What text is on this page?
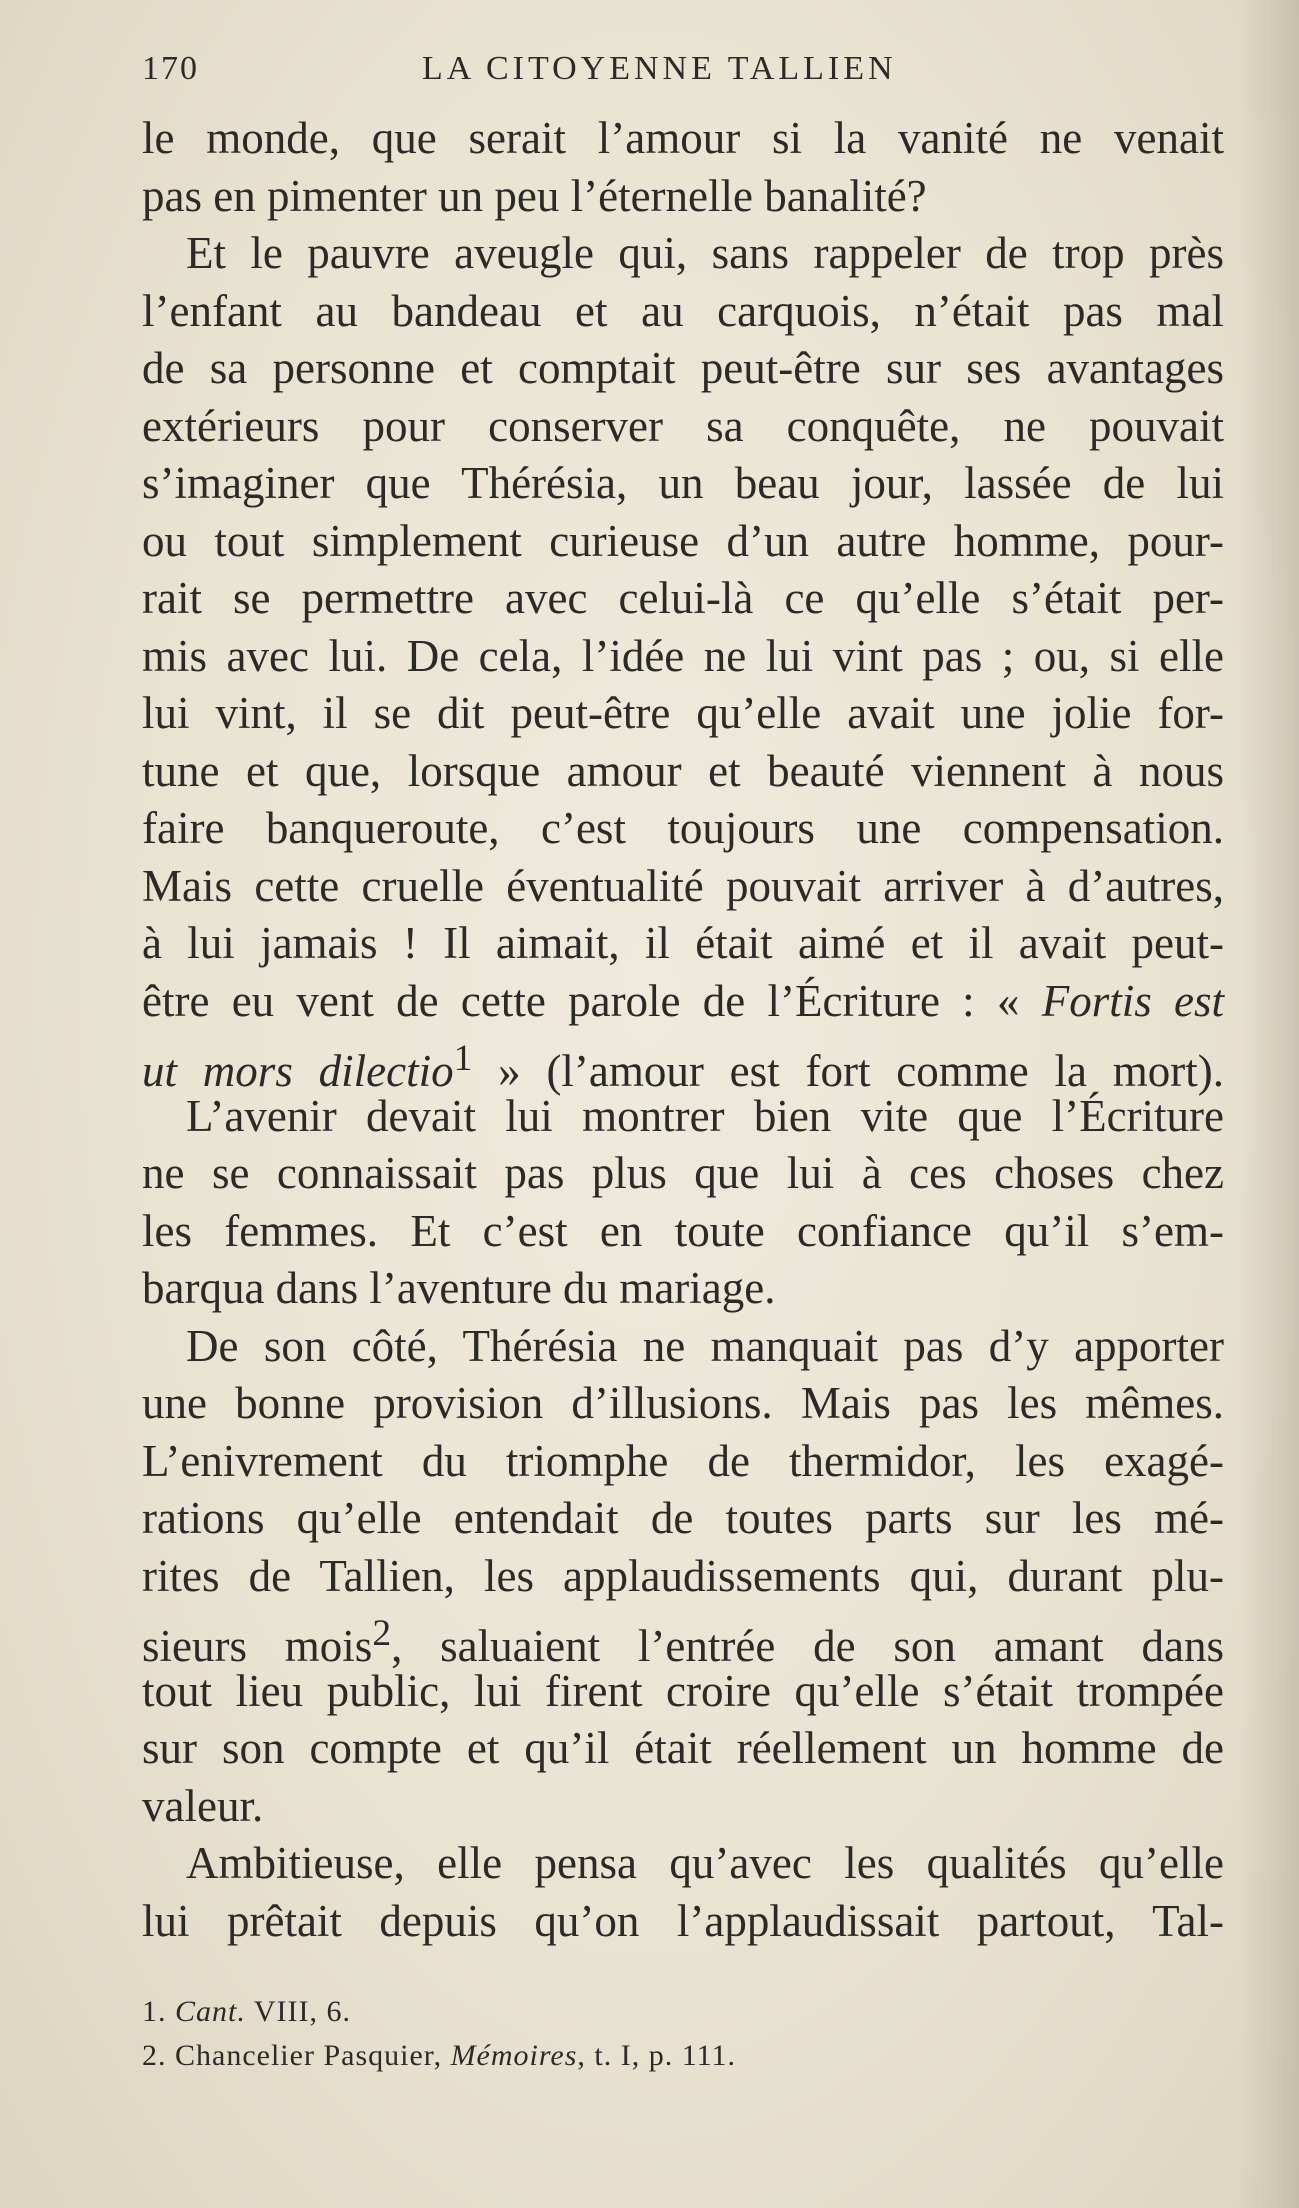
170	LA CITOYENNE TALLIEN
le monde, que serait l’amour si la vanité ne venait
pas en pimenter un peu l’éternelle banalité?
Et le pauvre aveugle qui, sans rappeler de trop près
l’enfant au bandeau et au carquois, n’était pas mal
de sa personne et comptait peut-être sur ses avantages
extérieurs pour conserver sa conquête, ne pouvait
s’imaginer que Thérésia, un beau jour, lassée de lui
ou tout simplement curieuse d’un autre homme, pour-
rait se permettre avec celui-là ce qu’elle s’était per-
mis avec lui. De cela, l’idée ne lui vint pas ; ou, si elle
lui vint, il se dit peut-être qu’elle avait une jolie for-
tune et que, lorsque amour et beauté viennent à nous
faire banqueroute, c’est toujours une compensation.
Mais cette cruelle éventualité pouvait arriver à d’autres,
à lui jamais ! Il aimait, il était aimé et il avait peut-
être eu vent de cette parole de l’Écriture : « Fortis est
ut mors dilectio$^1$ » (l’amour est fort comme la mort).
L’avenir devait lui montrer bien vite que l’Écriture
ne se connaissait pas plus que lui à ces choses chez
les femmes. Et c’est en toute confiance qu’il s’em-
barqua dans l’aventure du mariage.
De son côté, Thérésia ne manquait pas d’y apporter
une bonne provision d’illusions. Mais pas les mêmes.
L’enivrement du triomphe de thermidor, les exagé-
rations qu’elle entendait de toutes parts sur les mé-
rites de Tallien, les applaudissements qui, durant plu-
sieurs mois$^2$, saluaient l’entrée de son amant dans
tout lieu public, lui firent croire qu’elle s’était trompée
sur son compte et qu’il était réellement un homme de
valeur.
Ambitieuse, elle pensa qu’avec les qualités qu’elle
lui prêtait depuis qu’on l’applaudissait partout, Tal-
1. Cant. VIII, 6.
2. Chancelier Pasquier, Mémoires, t. I, p. 111.
